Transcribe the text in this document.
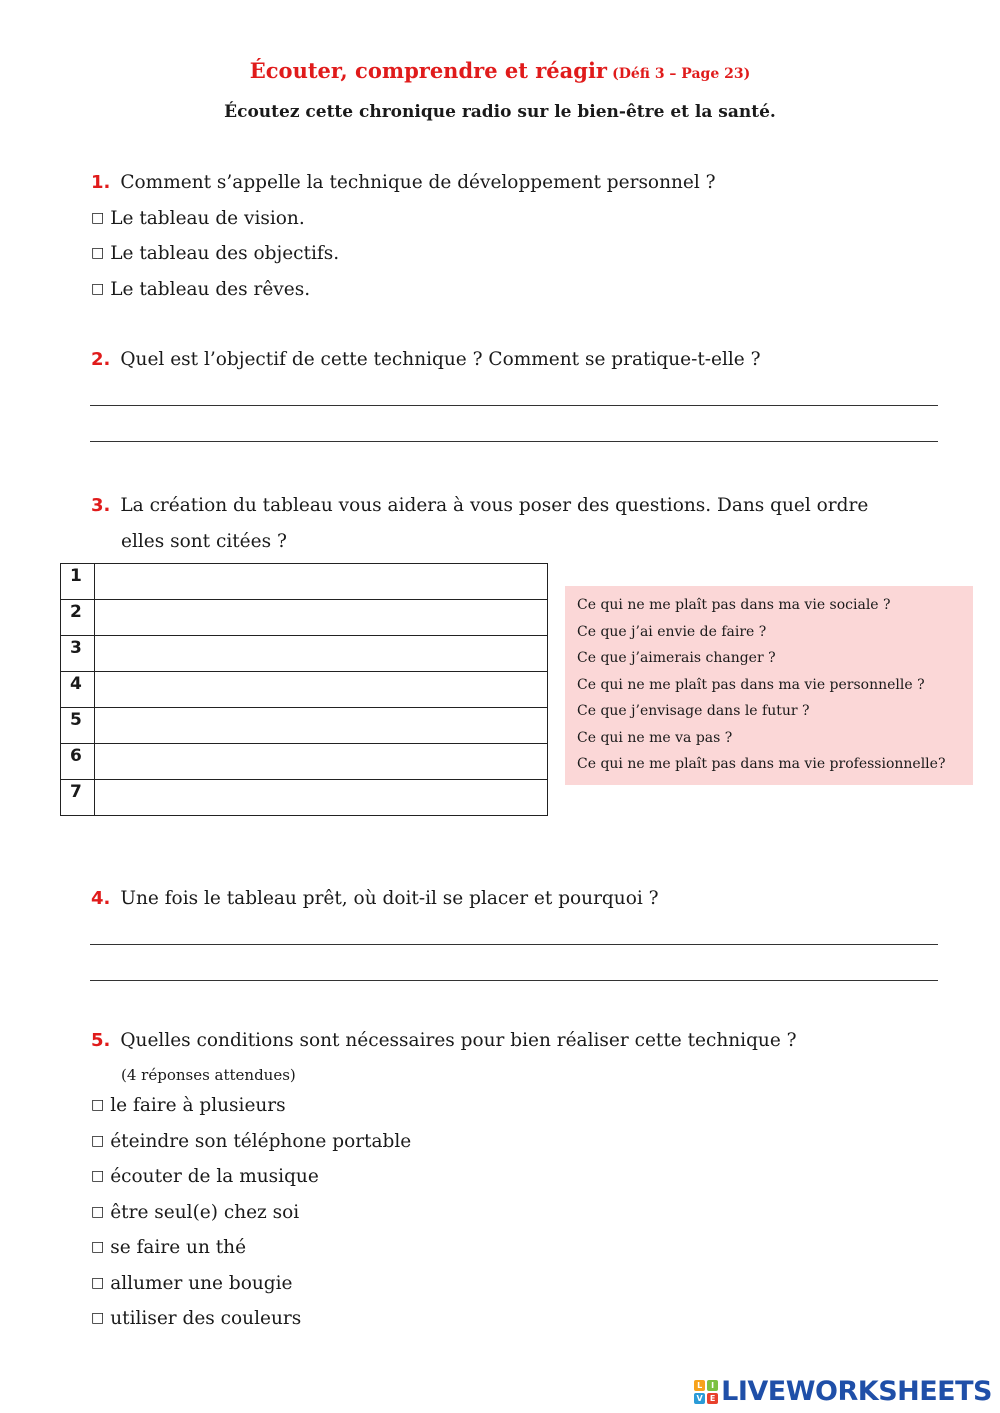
Écouter, comprendre et réagir (Défi 3 – Page 23)
Écoutez cette chronique radio sur le bien-être et la santé.
1. Comment s’appelle la technique de développement personnel ?
□ Le tableau de vision.
□ Le tableau des objectifs.
□ Le tableau des rêves.
2. Quel est l’objectif de cette technique ? Comment se pratique-t-elle ?
3. La création du tableau vous aidera à vous poser des questions. Dans quel ordre
elles sont citées ?
1	
2	
3	
4	
5	
6	
7	
Ce qui ne me plaît pas dans ma vie sociale ?
Ce que j’ai envie de faire ?
Ce que j’aimerais changer ?
Ce qui ne me plaît pas dans ma vie personnelle ?
Ce que j’envisage dans le futur ?
Ce qui ne me va pas ?
Ce qui ne me plaît pas dans ma vie professionnelle?
4. Une fois le tableau prêt, où doit-il se placer et pourquoi ?
5. Quelles conditions sont nécessaires pour bien réaliser cette technique ?
(4 réponses attendues)
□ le faire à plusieurs
□ éteindre son téléphone portable
□ écouter de la musique
□ être seul(e) chez soi
□ se faire un thé
□ allumer une bougie
□ utiliser des couleurs
L	I
V E LIVEWORKSHEETS
